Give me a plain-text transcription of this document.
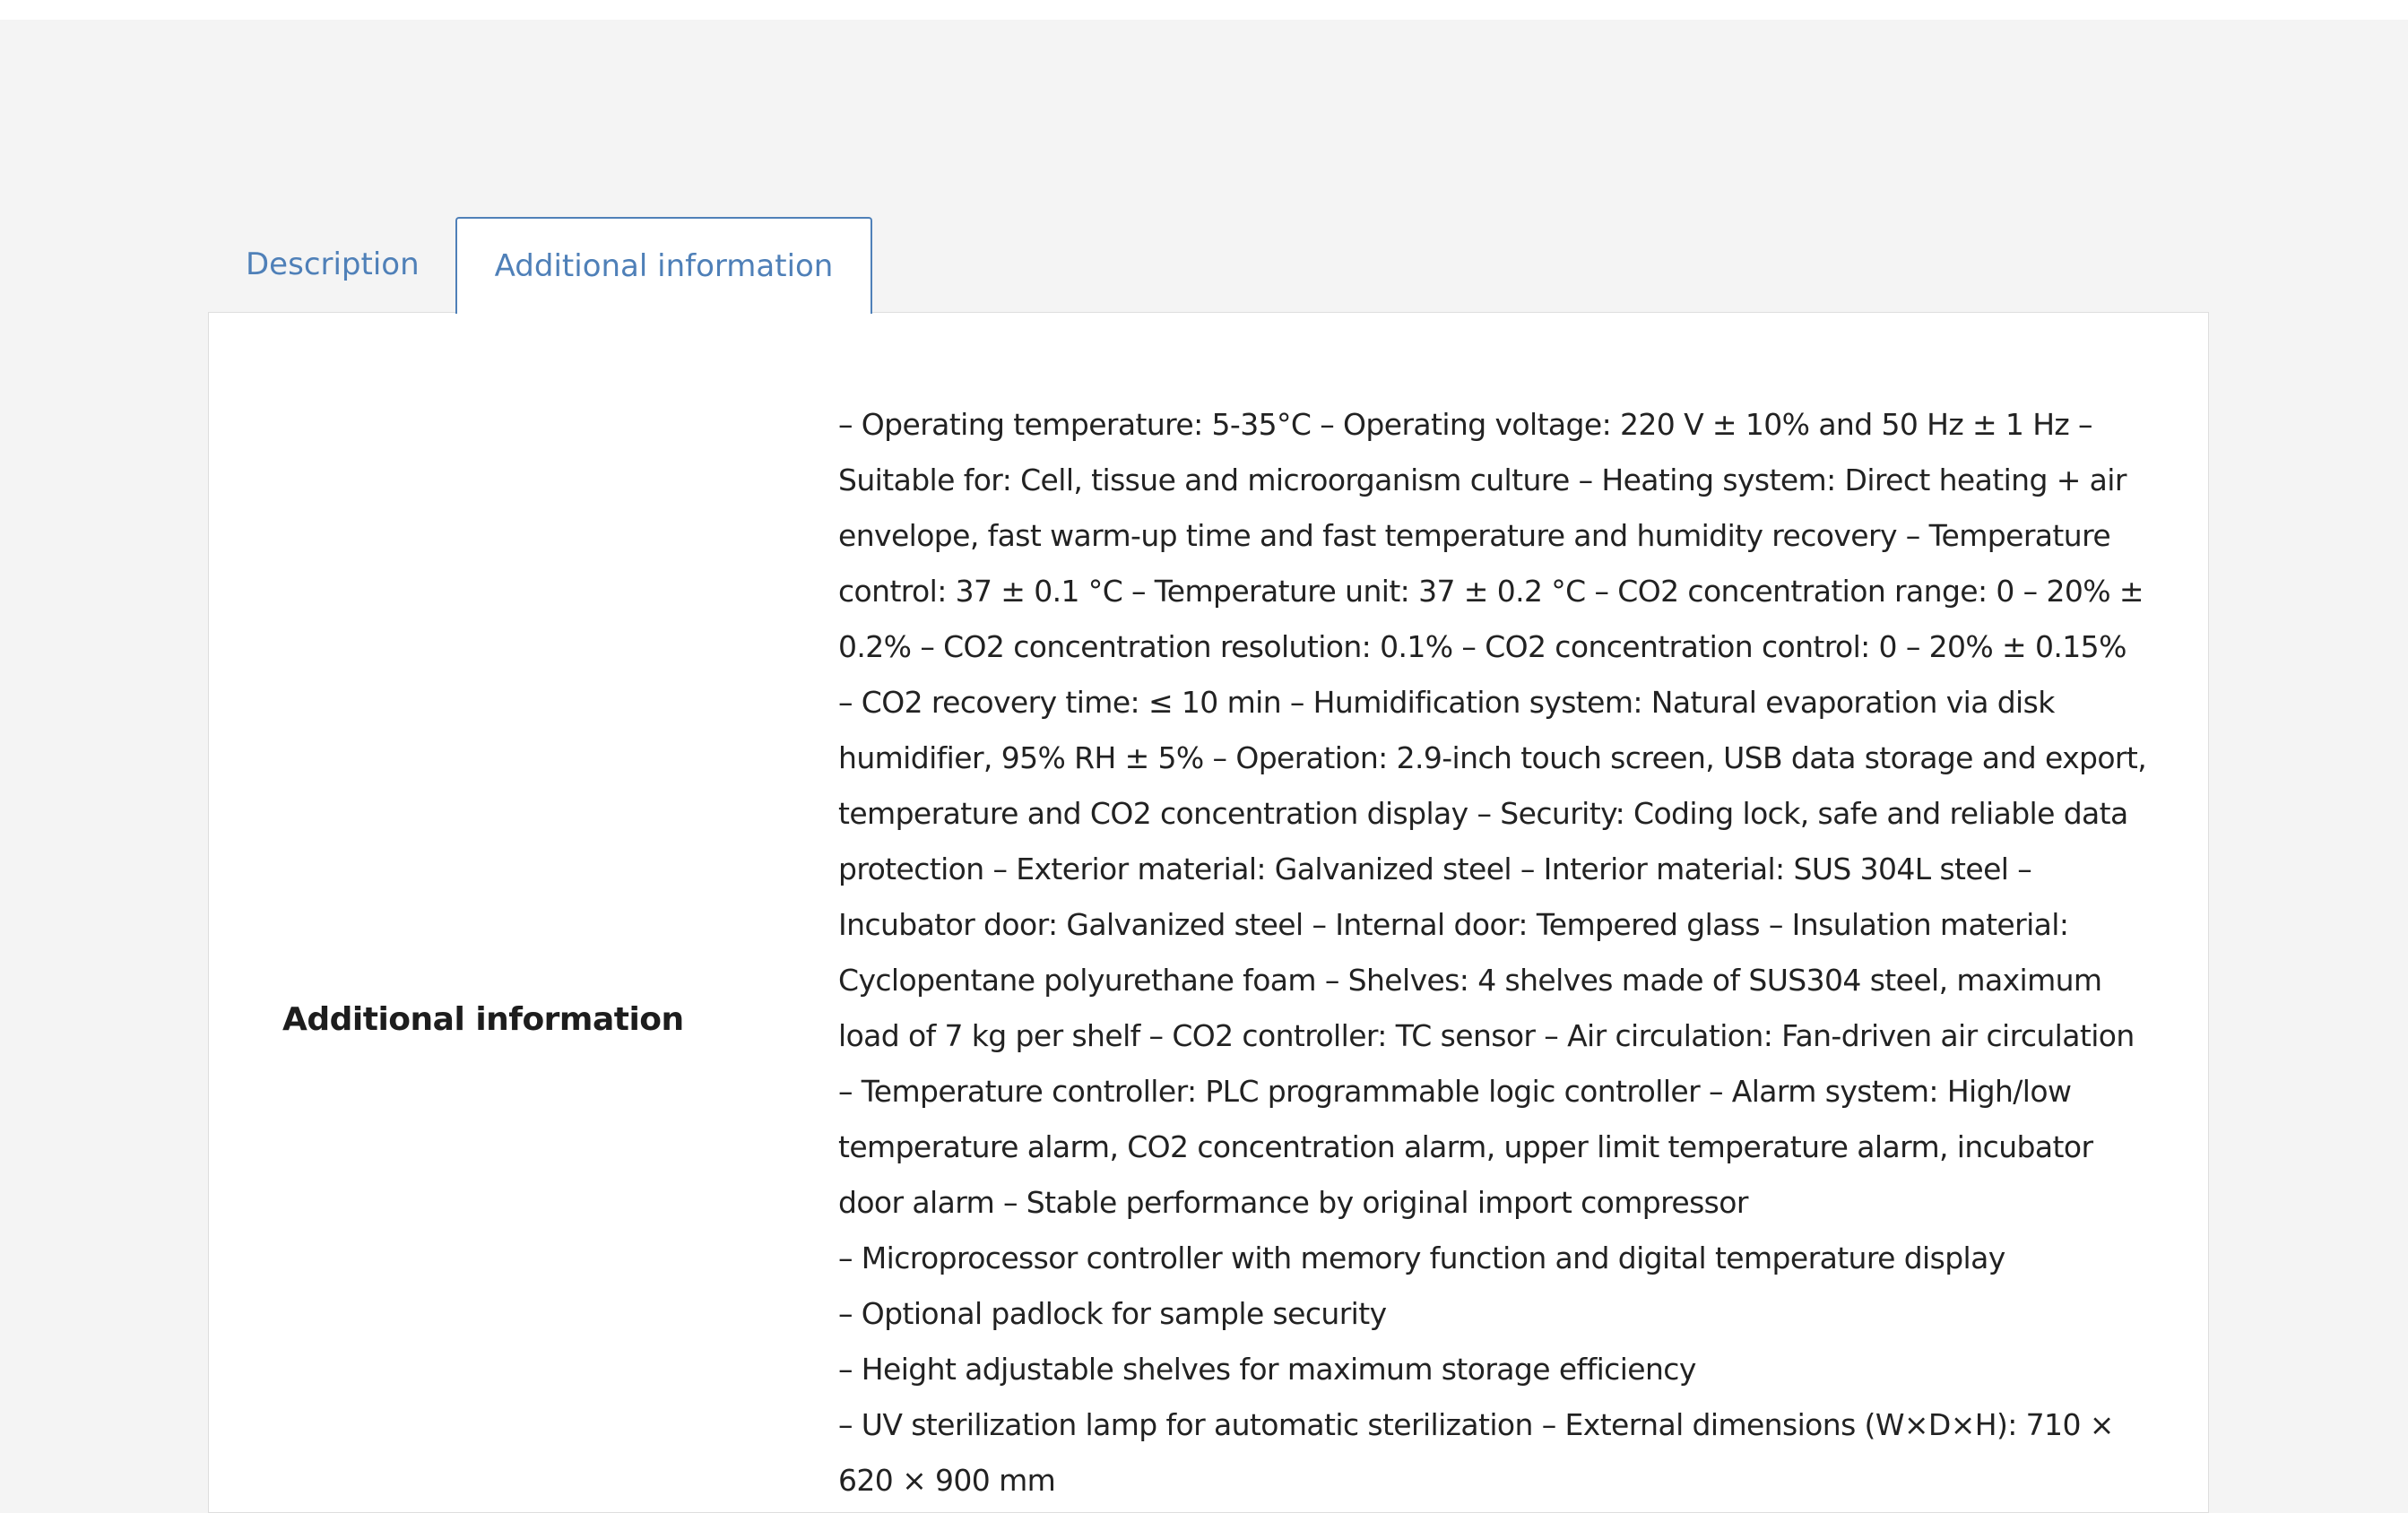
Description	Additional information
Additional information

– Operating temperature: 5-35°C – Operating voltage: 220 V ± 10% and 50 Hz ± 1 Hz – Suitable for: Cell, tissue and microorganism culture – Heating system: Direct heating + air envelope, fast warm-up time and fast temperature and humidity recovery – Temperature control: 37 ± 0.1 °C – Temperature unit: 37 ± 0.2 °C – CO2 concentration range: 0 – 20% ± 0.2% – CO2 concentration resolution: 0.1% – CO2 concentration control: 0 – 20% ± 0.15% – CO2 recovery time: ≤ 10 min – Humidification system: Natural evaporation via disk humidifier, 95% RH ± 5% – Operation: 2.9-inch touch screen, USB data storage and export, temperature and CO2 concentration display – Security: Coding lock, safe and reliable data protection – Exterior material: Galvanized steel – Interior material: SUS 304L steel – Incubator door: Galvanized steel – Internal door: Tempered glass – Insulation material: Cyclopentane polyurethane foam – Shelves: 4 shelves made of SUS304 steel, maximum load of 7 kg per shelf – CO2 controller: TC sensor – Air circulation: Fan-driven air circulation – Temperature controller: PLC programmable logic controller – Alarm system: High/low temperature alarm, CO2 concentration alarm, upper limit temperature alarm, incubator door alarm – Stable performance by original import compressor

– Microprocessor controller with memory function and digital temperature display

– Optional padlock for sample security

– Height adjustable shelves for maximum storage efficiency

– UV sterilization lamp for automatic sterilization – External dimensions (W×D×H): 710 × 620 × 900 mm
